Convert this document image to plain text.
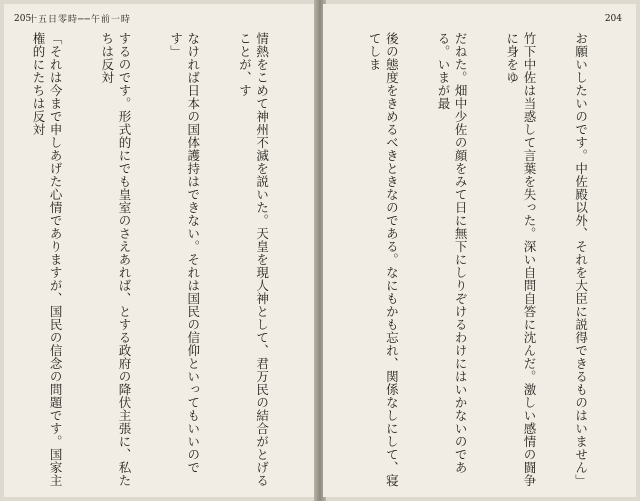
205
十五日零時──午前一時

情熱をこめて神州不滅を説いた。天皇を現人神として、君万民の結合がとげることが、す

なければ日本の国体護持はできない。それは国民の信仰といってもいいのです」

するのです。形式的にでも皇室のさえあれば、とする政府の降伏主張に、私たちは反対

「それは今まで申しあげた心情でありますが、国民の信念の問題です。国家主権的にたちは反対

204

お願いしたいのです。中佐殿以外、それを大臣に説得できるものはいません」

竹下中佐は当惑して言葉を失った。深い自問自答に沈んだ。激しい感情の闘争に身をゆ

だねた。畑中少佐の顔をみて日に無下にしりぞけるわけにはいかないのである。いまが最

後の態度をきめるべきときなのである。なにもかも忘れ、関係なしにして、寝てしま
